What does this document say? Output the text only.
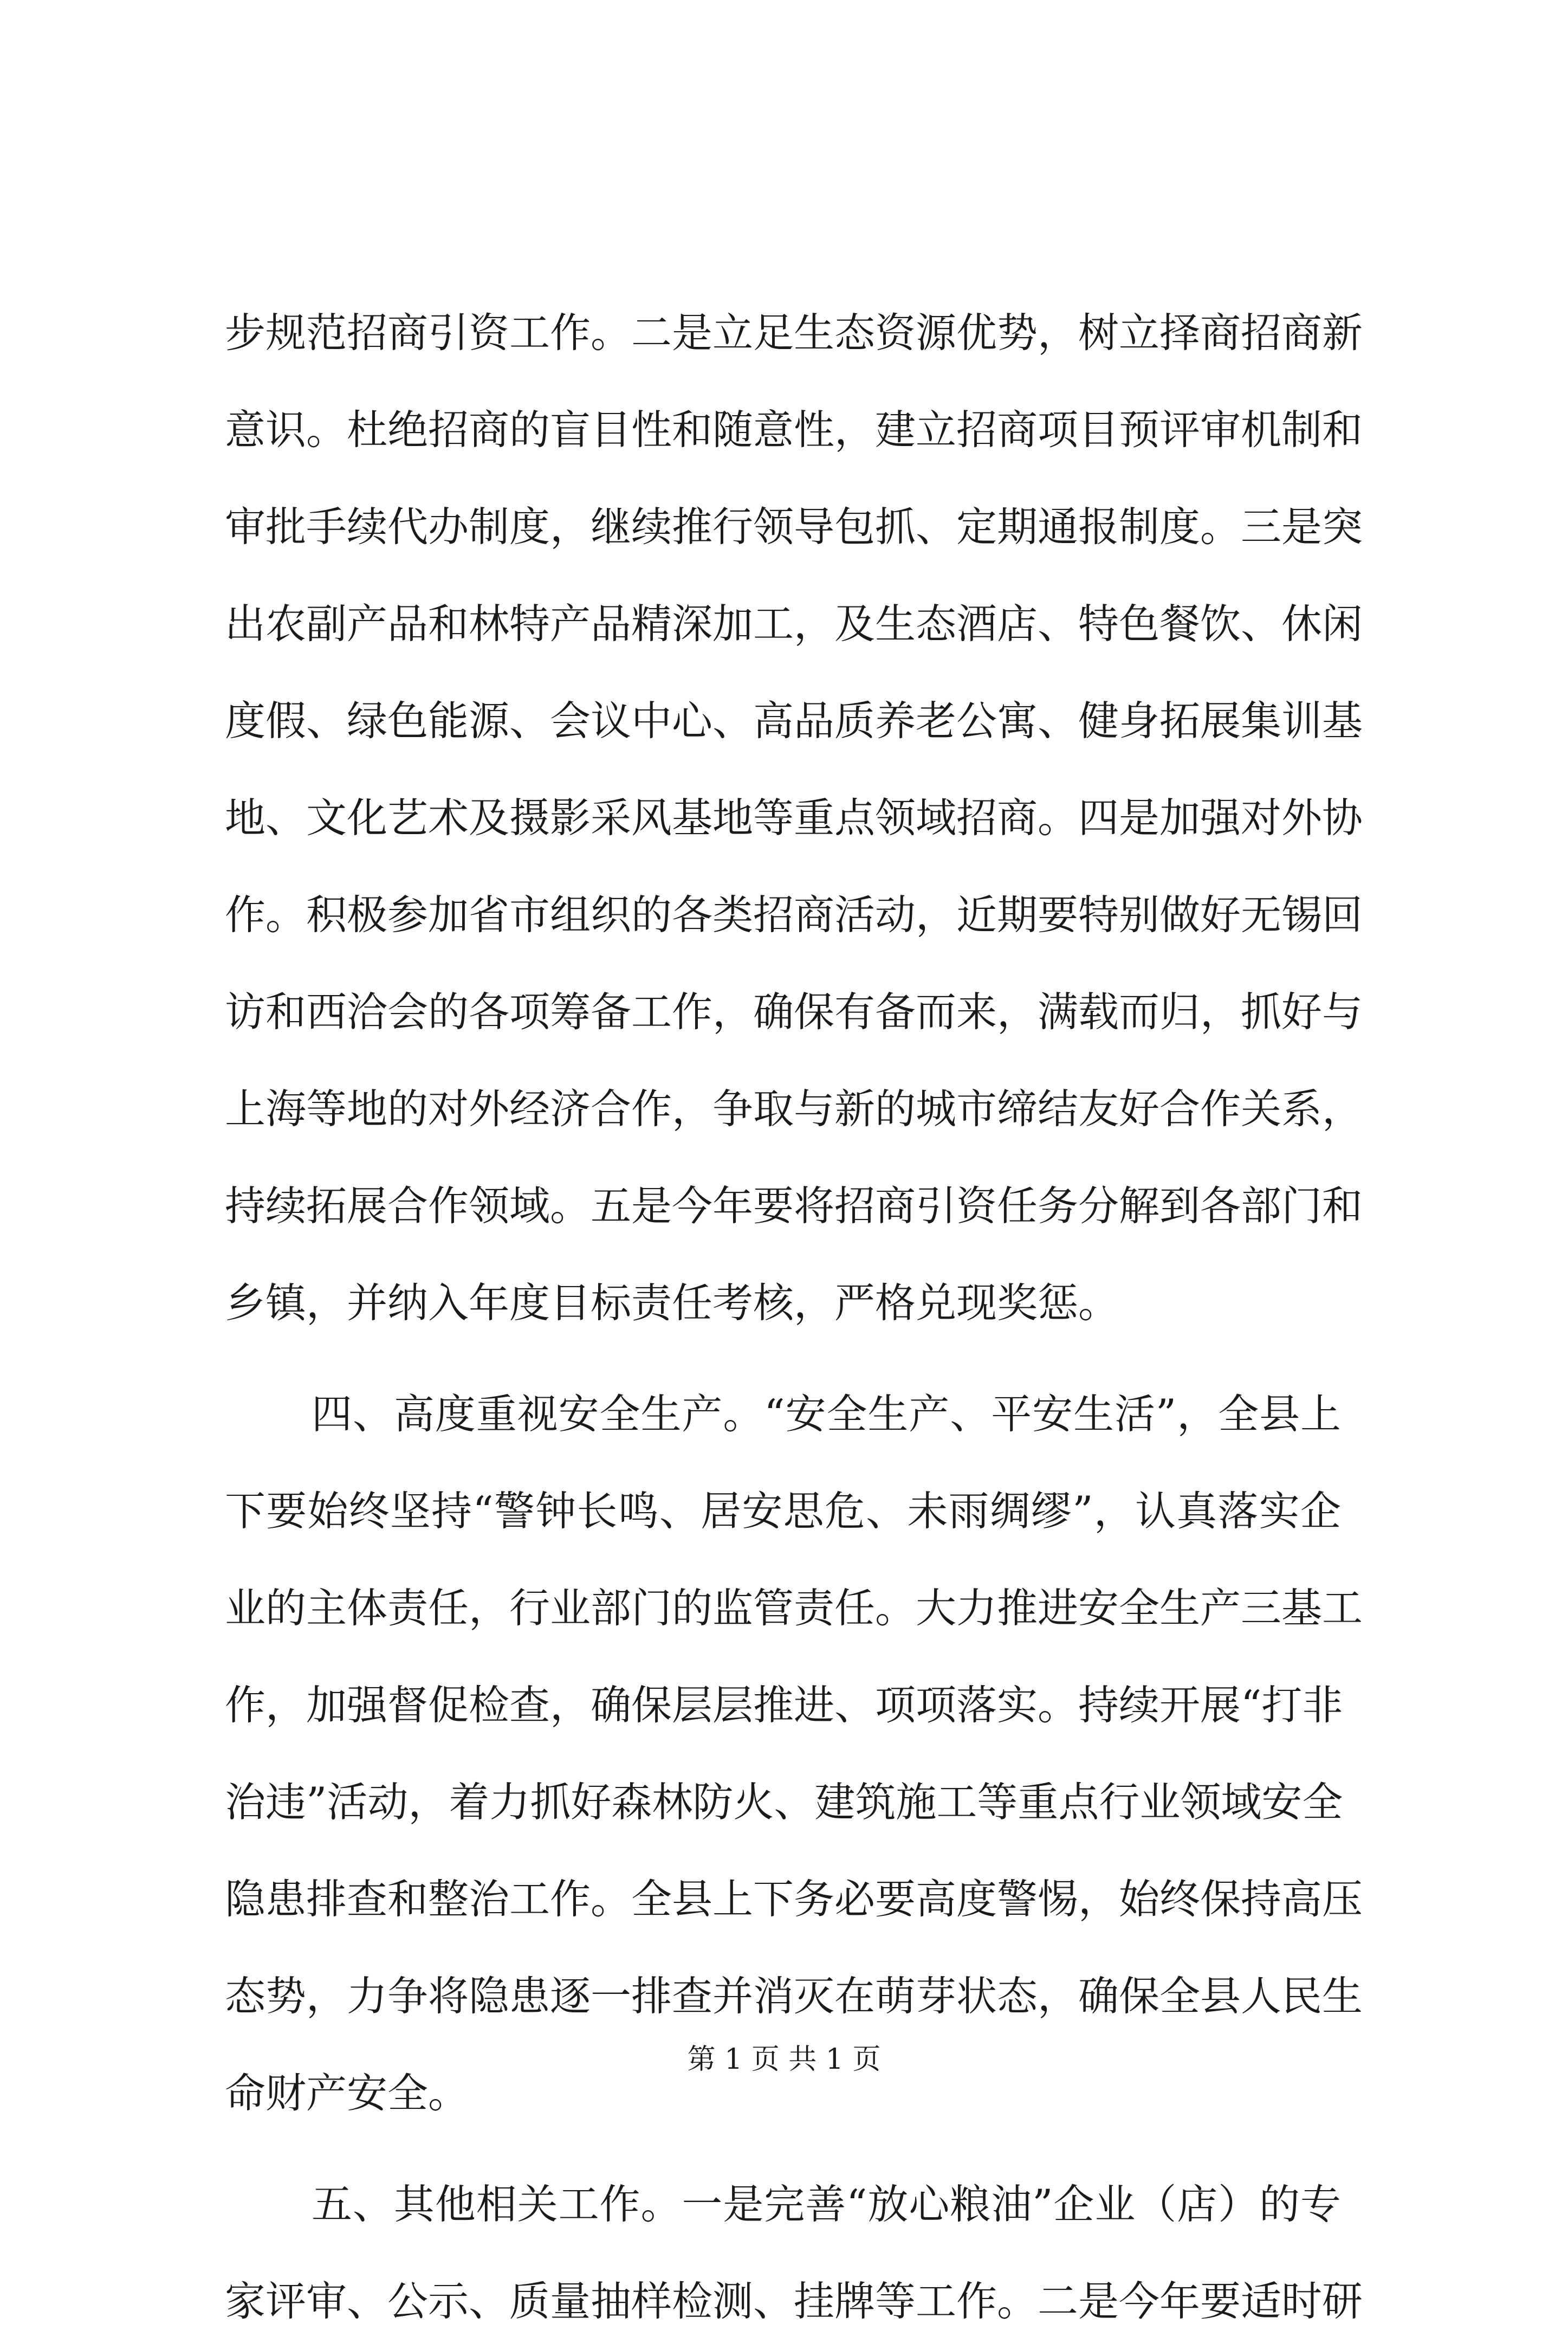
步规范招商引资工作。二是立足生态资源优势，树立择商招商新
意识。杜绝招商的盲目性和随意性，建立招商项目预评审机制和
审批手续代办制度，继续推行领导包抓、定期通报制度。三是突
出农副产品和林特产品精深加工，及生态酒店、特色餐饮、休闲
度假、绿色能源、会议中心、高品质养老公寓、健身拓展集训基
地、文化艺术及摄影采风基地等重点领域招商。四是加强对外协
作。积极参加省市组织的各类招商活动，近期要特别做好无锡回
访和西洽会的各项筹备工作，确保有备而来，满载而归，抓好与
上海等地的对外经济合作，争取与新的城市缔结友好合作关系，
持续拓展合作领域。五是今年要将招商引资任务分解到各部门和
乡镇，并纳入年度目标责任考核，严格兑现奖惩。
四、高度重视安全生产。“安全生产、平安生活”，全县上
下要始终坚持“警钟长鸣、居安思危、未雨绸缪”，认真落实企
业的主体责任，行业部门的监管责任。大力推进安全生产三基工
作，加强督促检查，确保层层推进、项项落实。持续开展“打非
治违”活动，着力抓好森林防火、建筑施工等重点行业领域安全
隐患排查和整治工作。全县上下务必要高度警惕，始终保持高压
态势，力争将隐患逐一排查并消灭在萌芽状态，确保全县人民生
命财产安全。
五、其他相关工作。一是完善“放心粮油”企业（店）的专
家评审、公示、质量抽样检测、挂牌等工作。二是今年要适时研
第 1 页 共 1 页
